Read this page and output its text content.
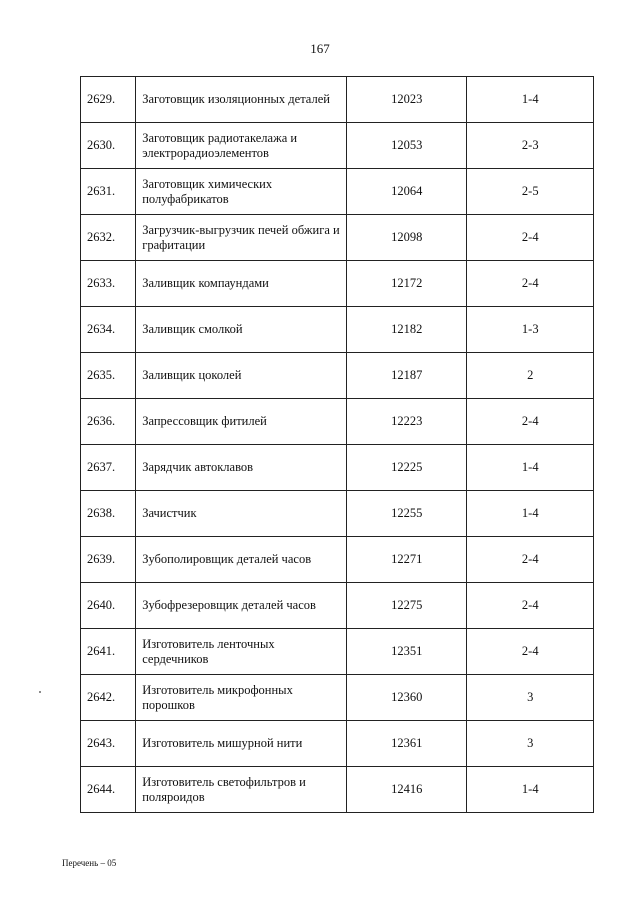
167
2629.	Заготовщик изоляционных деталей	12023	1-4
2630.	Заготовщик радиотакелажа и электрорадиоэлементов	12053	2-3
2631.	Заготовщик химических полуфабрикатов	12064	2-5
2632.	Загрузчик-выгрузчик печей обжига и графитации	12098	2-4
2633.	Заливщик компаундами	12172	2-4
2634.	Заливщик смолкой	12182	1-3
2635.	Заливщик цоколей	12187	2
2636.	Запрессовщик фитилей	12223	2-4
2637.	Зарядчик автоклавов	12225	1-4
2638.	Зачистчик	12255	1-4
2639.	Зубополировщик деталей часов	12271	2-4
2640.	Зубофрезеровщик деталей часов	12275	2-4
2641.	Изготовитель ленточных сердечников	12351	2-4
2642.	Изготовитель микрофонных порошков	12360	3
2643.	Изготовитель мишурной нити	12361	3
2644.	Изготовитель светофильтров и поляроидов	12416	1-4
Перечень – 05
